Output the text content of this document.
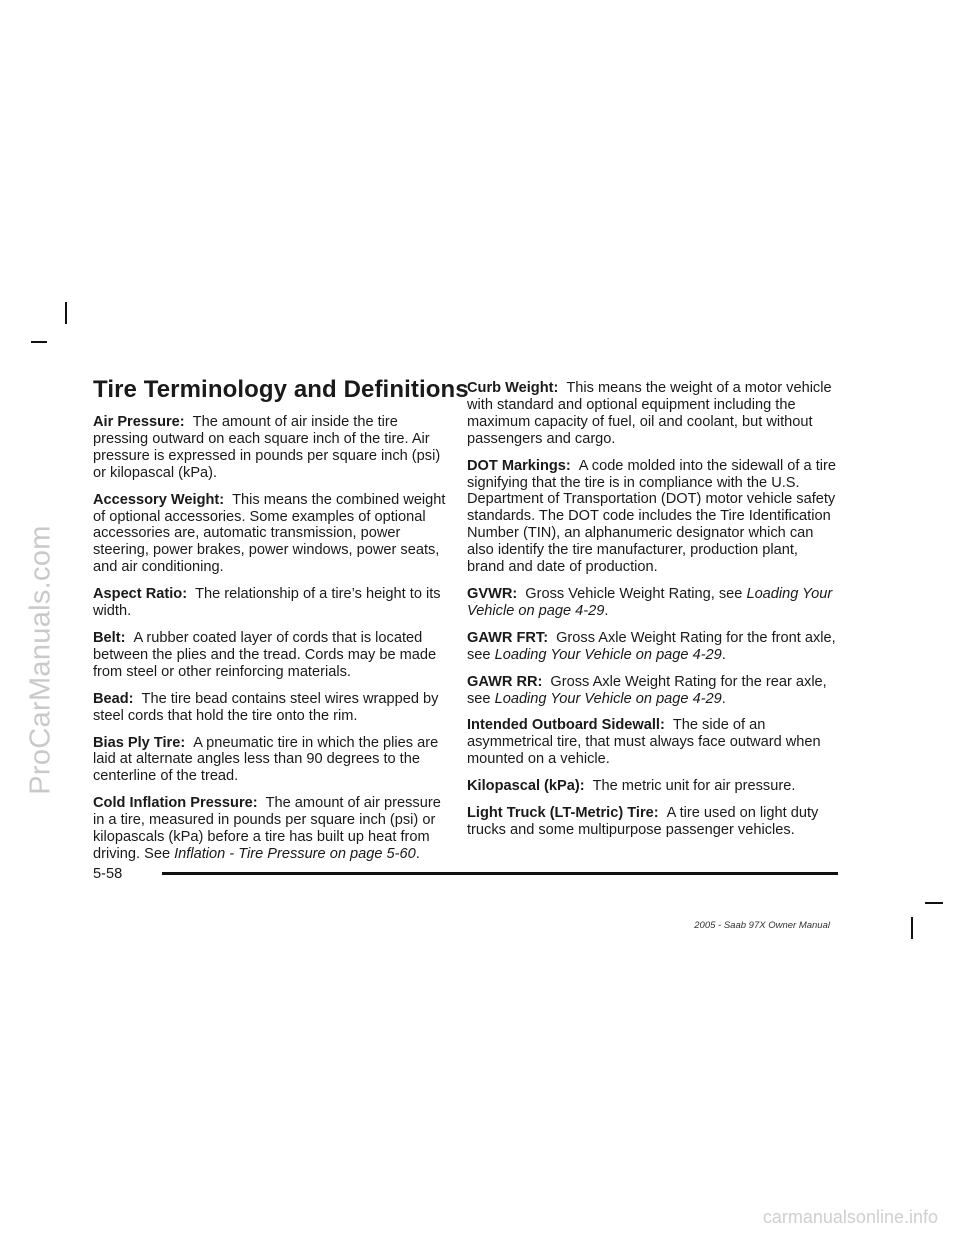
ProCarManuals.com
Tire Terminology and Definitions

Air Pressure: The amount of air inside the tire pressing outward on each square inch of the tire. Air pressure is expressed in pounds per square inch (psi) or kilopascal (kPa).

Accessory Weight: This means the combined weight of optional accessories. Some examples of optional accessories are, automatic transmission, power steering, power brakes, power windows, power seats, and air conditioning.

Aspect Ratio: The relationship of a tire’s height to its width.

Belt: A rubber coated layer of cords that is located between the plies and the tread. Cords may be made from steel or other reinforcing materials.

Bead: The tire bead contains steel wires wrapped by steel cords that hold the tire onto the rim.

Bias Ply Tire: A pneumatic tire in which the plies are laid at alternate angles less than 90 degrees to the centerline of the tread.

Cold Inflation Pressure: The amount of air pressure in a tire, measured in pounds per square inch (psi) or kilopascals (kPa) before a tire has built up heat from driving. See Inflation - Tire Pressure on page 5-60.

Curb Weight: This means the weight of a motor vehicle with standard and optional equipment including the maximum capacity of fuel, oil and coolant, but without passengers and cargo.

DOT Markings: A code molded into the sidewall of a tire signifying that the tire is in compliance with the U.S. Department of Transportation (DOT) motor vehicle safety standards. The DOT code includes the Tire Identification Number (TIN), an alphanumeric designator which can also identify the tire manufacturer, production plant, brand and date of production.

GVWR: Gross Vehicle Weight Rating, see Loading Your Vehicle on page 4-29.

GAWR FRT: Gross Axle Weight Rating for the front axle, see Loading Your Vehicle on page 4-29.

GAWR RR: Gross Axle Weight Rating for the rear axle, see Loading Your Vehicle on page 4-29.

Intended Outboard Sidewall: The side of an asymmetrical tire, that must always face outward when mounted on a vehicle.

Kilopascal (kPa): The metric unit for air pressure.

Light Truck (LT-Metric) Tire: A tire used on light duty trucks and some multipurpose passenger vehicles.

5-58
2005 - Saab 97X Owner Manual
carmanualsonline.info
